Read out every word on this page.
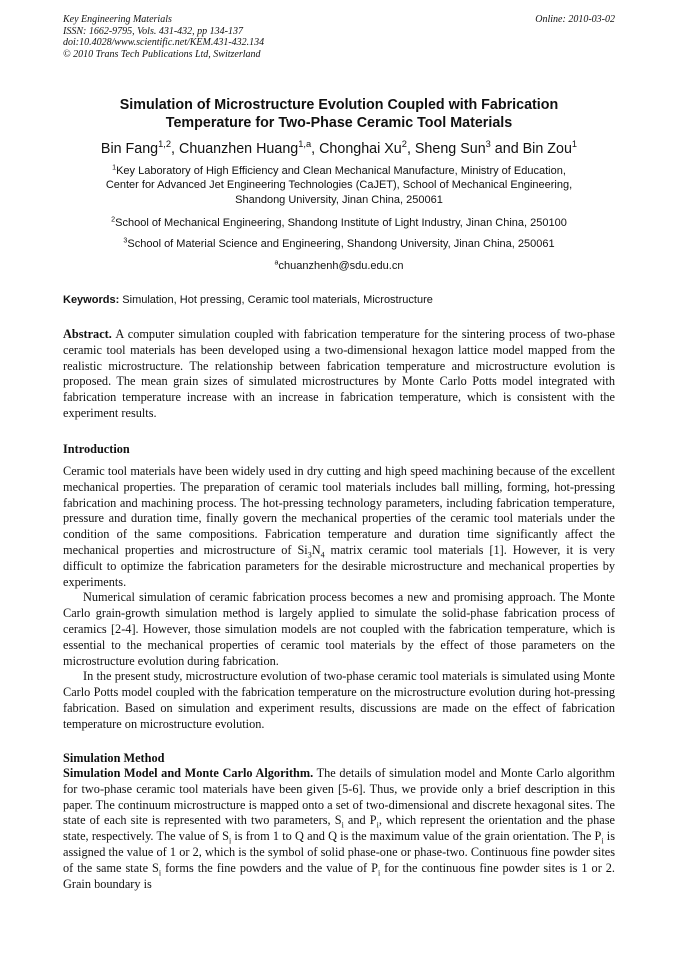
Key Engineering Materials
ISSN: 1662-9795, Vols. 431-432, pp 134-137
doi:10.4028/www.scientific.net/KEM.431-432.134
© 2010 Trans Tech Publications Ltd, Switzerland
Online: 2010-03-02
Simulation of Microstructure Evolution Coupled with Fabrication
Temperature for Two-Phase Ceramic Tool Materials
Bin Fang$^{1,2}$, Chuanzhen Huang$^{1,a}$, Chonghai Xu$^2$, Sheng Sun$^3$ and Bin Zou$^1$
$^1$Key Laboratory of High Efficiency and Clean Mechanical Manufacture, Ministry of Education,
Center for Advanced Jet Engineering Technologies (CaJET), School of Mechanical Engineering,
Shandong University, Jinan China, 250061
$^2$School of Mechanical Engineering, Shandong Institute of Light Industry, Jinan China, 250100
$^3$School of Material Science and Engineering, Shandong University, Jinan China, 250061
$^a$chuanzhenh@sdu.edu.cn
Keywords: Simulation, Hot pressing, Ceramic tool materials, Microstructure

Abstract. A computer simulation coupled with fabrication temperature for the sintering process of two-phase ceramic tool materials has been developed using a two-dimensional hexagon lattice model mapped from the realistic microstructure. The relationship between fabrication temperature and microstructure evolution is proposed. The mean grain sizes of simulated microstructures by Monte Carlo Potts model integrated with fabrication temperature increase with an increase in fabrication temperature, which is consistent with the experiment results.

Introduction

Ceramic tool materials have been widely used in dry cutting and high speed machining because of the excellent mechanical properties. The preparation of ceramic tool materials includes ball milling, forming, hot-pressing fabrication and machining process. The hot-pressing technology parameters, including fabrication temperature, pressure and duration time, finally govern the mechanical properties of the ceramic tool materials under the condition of the same compositions. Fabrication temperature and duration time significantly affect the mechanical properties and microstructure of $Si_3N_4$ matrix ceramic tool materials [1]. However, it is very difficult to optimize the fabrication parameters for the desirable microstructure and mechanical properties by experiments.

Numerical simulation of ceramic fabrication process becomes a new and promising approach. The Monte Carlo grain-growth simulation method is largely applied to simulate the solid-phase fabrication process of ceramics [2-4]. However, those simulation models are not coupled with the fabrication temperature, which is essential to the mechanical properties of ceramic tool materials by the effect of those parameters on the microstructure evolution during fabrication.

In the present study, microstructure evolution of two-phase ceramic tool materials is simulated using Monte Carlo Potts model coupled with the fabrication temperature on the microstructure evolution during hot-pressing fabrication. Based on simulation and experiment results, discussions are made on the effect of fabrication temperature on microstructure evolution.

Simulation Method

Simulation Model and Monte Carlo Algorithm. The details of simulation model and Monte Carlo algorithm for two-phase ceramic tool materials have been given [5-6]. Thus, we provide only a brief description in this paper. The continuum microstructure is mapped onto a set of two-dimensional and discrete hexagonal sites. The state of each site is represented with two parameters, $S_i$ and $P_i$, which represent the orientation and the phase state, respectively. The value of $S_i$ is from 1 to Q and Q is the maximum value of the grain orientation. The $P_i$ is assigned the value of 1 or 2, which is the symbol of solid phase-one or phase-two. Continuous fine powder sites of the same state $S_i$ forms the fine powders and the value of $P_i$ for the continuous fine powder sites is 1 or 2. Grain boundary is
